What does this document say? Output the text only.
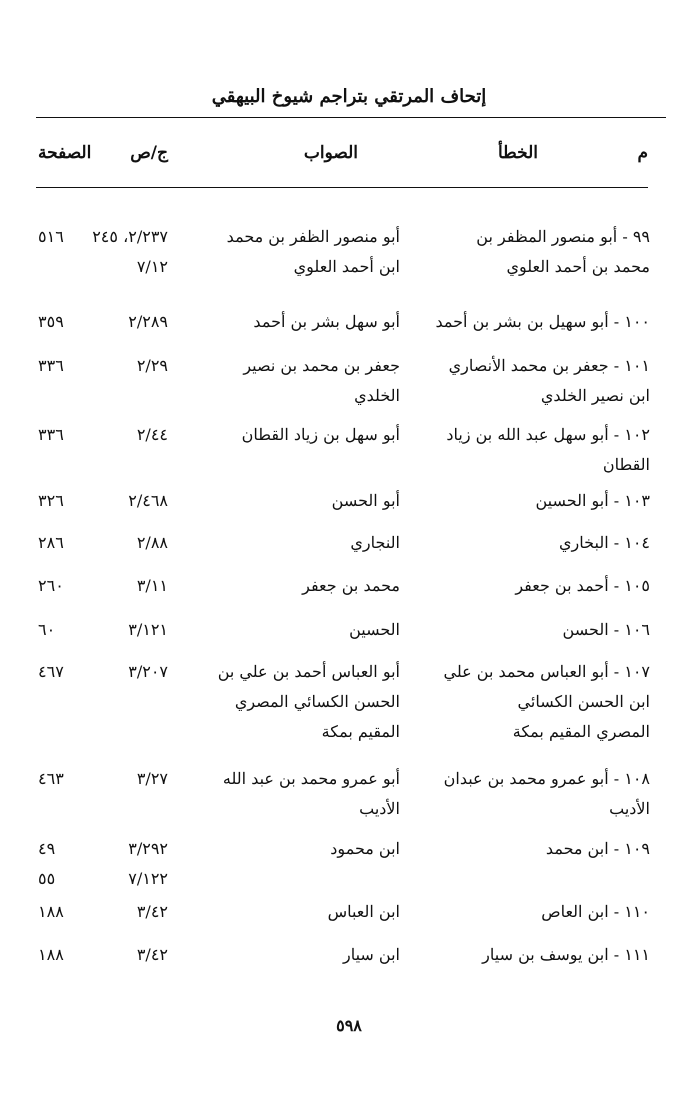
إتحاف المرتقي بتراجم شيوخ البيهقي
م
الخطأ
الصواب
ج/ص
الصفحة
٩٩ - أبو منصور المظفر بن
محمد بن أحمد العلوي
أبو منصور الظفر بن محمد
ابن أحمد العلوي
٢/٢٣٧، ٢٤٥
٧/١٢
٥١٦
١٠٠ - أبو سهيل بن بشر بن أحمد
أبو سهل بشر بن أحمد
٢/٢٨٩
٣٥٩
١٠١ - جعفر بن محمد الأنصاري
ابن نصير الخلدي
جعفر بن محمد بن نصير
الخلدي
٢/٢٩
٣٣٦
١٠٢ - أبو سهل عبد الله بن زياد
القطان
أبو سهل بن زياد القطان
٢/٤٤
٣٣٦
١٠٣ - أبو الحسين
أبو الحسن
٢/٤٦٨
٣٢٦
١٠٤ - البخاري
النجاري
٢/٨٨
٢٨٦
١٠٥ - أحمد بن جعفر
محمد بن جعفر
٣/١١
٢٦٠
١٠٦ - الحسن
الحسين
٣/١٢١
٦٠
١٠٧ - أبو العباس محمد بن علي
ابن الحسن الكسائي
المصري المقيم بمكة
أبو العباس أحمد بن علي بن
الحسن الكسائي المصري
المقيم بمكة
٣/٢٠٧
٤٦٧
١٠٨ - أبو عمرو محمد بن عبدان
الأديب
أبو عمرو محمد بن عبد الله
الأديب
٣/٢٧
٤٦٣
١٠٩ - ابن محمد
ابن محمود
٣/٢٩٢
٧/١٢٢
٤٩
٥٥
١١٠ - ابن العاص
ابن العباس
٣/٤٢
١٨٨
١١١ - ابن يوسف بن سيار
ابن سيار
٣/٤٢
١٨٨
٥٩٨
